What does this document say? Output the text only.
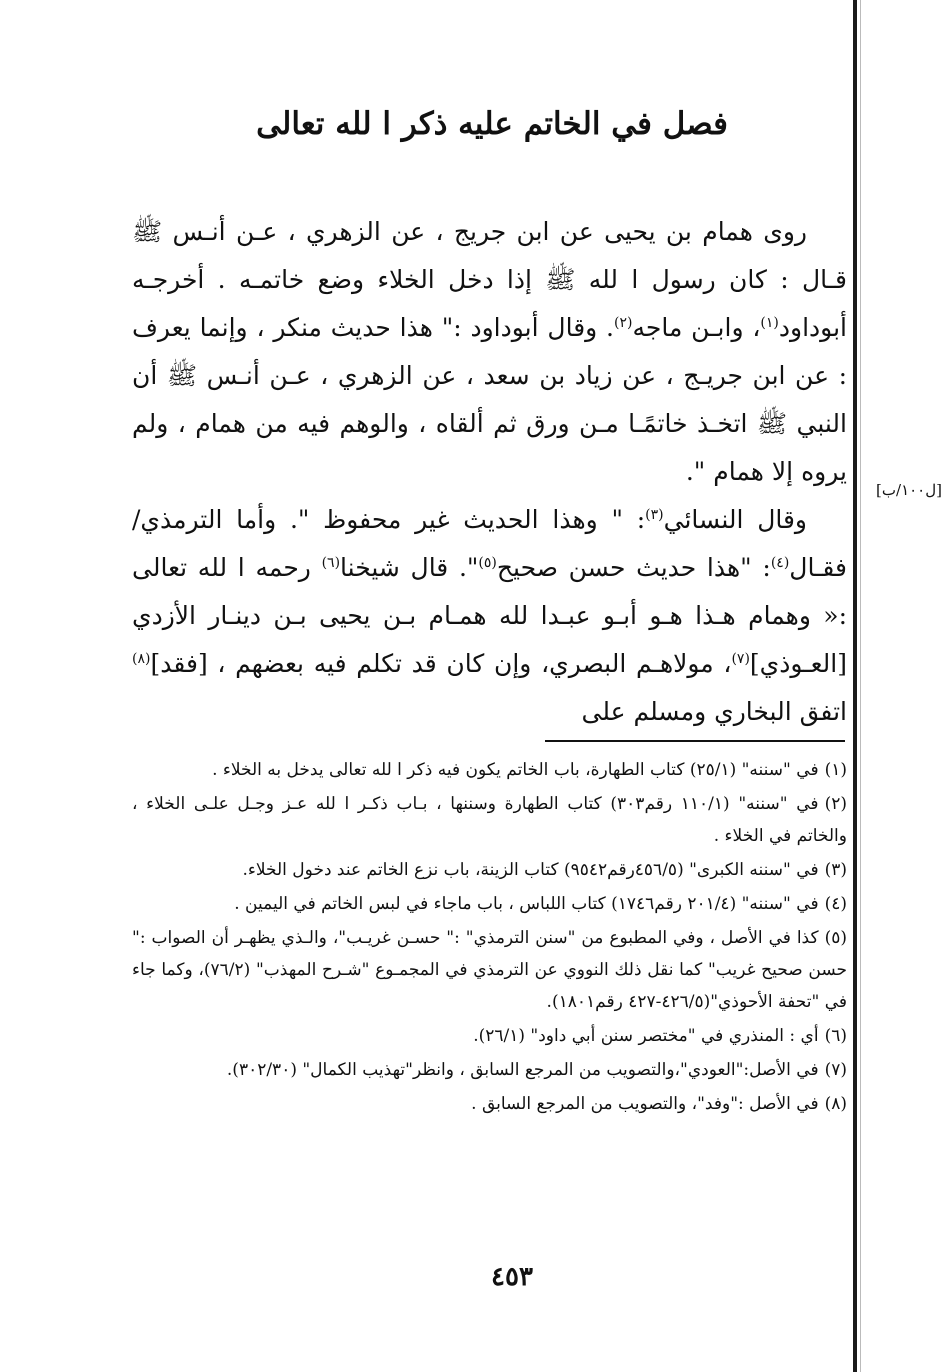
فصل في الخاتم عليه ذكر ا لله تعالى

روى همام بن يحيى عن ابن جريج ، عن الزهري ، عـن أنـس ﷺ قـال : كان رسول ا لله ﷺ إذا دخل الخلاء وضع خاتمـه . أخرجـه أبوداود$^{(١)}$، وابـن ماجه$^{(٢)}$. وقال أبوداود :" هذا حديث منكر ، وإنما يعرف : عن ابن جريـج ، عن زياد بن سعد ، عن الزهري ، عـن أنـس ﷺ أن النبي ﷺ اتخـذ خاتمًـا مـن ورق ثم ألقاه ، والوهم فيه من همام ، ولم يروه إلا همام ".

وقال النسائي$^{(٣)}$: " وهذا الحديث غير محفوظ ". وأما الترمذي/ فقـال$^{(٤)}$: "هذا حديث حسن صحيح$^{(٥)}$". قال شيخنا$^{(٦)}$ رحمه ا لله تعالى :« وهمام هـذا هـو أبـو عبـدا لله همـام بـن يحيى بـن دينـار الأزدي [العـوذي]$^{(٧)}$، مولاهـم البصري، وإن كان قد تكلم فيه بعضهم ، [فقد]$^{(٨)}$ اتفق البخاري ومسلم على

[ل١٠٠/ب]

(١)في "سننه" (٢٥/١) كتاب الطهارة، باب الخاتم يكون فيه ذكر ا لله تعالى يدخل به الخلاء .

(٢)في "سننه" (١١٠/١ رقم٣٠٣) كتاب الطهارة وسننها ، بـاب ذكـر ا لله عـز وجـل علـى الخلاء ، والخاتم في الخلاء .

(٣)في "سننه الكبرى" (٤٥٦/٥رقم٩٥٤٢) كتاب الزينة، باب نزع الخاتم عند دخول الخلاء.

(٤)في "سننه" (٢٠١/٤ رقم١٧٤٦) كتاب اللباس ، باب ماجاء في لبس الخاتم في اليمين .

(٥)كذا في الأصل ، وفي المطبوع من "سنن الترمذي" :" حسـن غريـب"، والـذي يظهـر أن الصواب :" حسن صحيح غريب" كما نقل ذلك النووي عن الترمذي في المجمـوع "شـرح المهذب" (٧٦/٢)، وكما جاء في "تحفة الأحوذي"(٤٢٦/٥-٤٢٧ رقم١٨٠١).

(٦)أي : المنذري في "مختصر سنن أبي داود" (٢٦/١).

(٧)في الأصل:"العودي"،والتصويب من المرجع السابق ، وانظر"تهذيب الكمال" (٣٠٢/٣٠).

(٨)في الأصل :"وفد"، والتصويب من المرجع السابق .

٤٥٣
